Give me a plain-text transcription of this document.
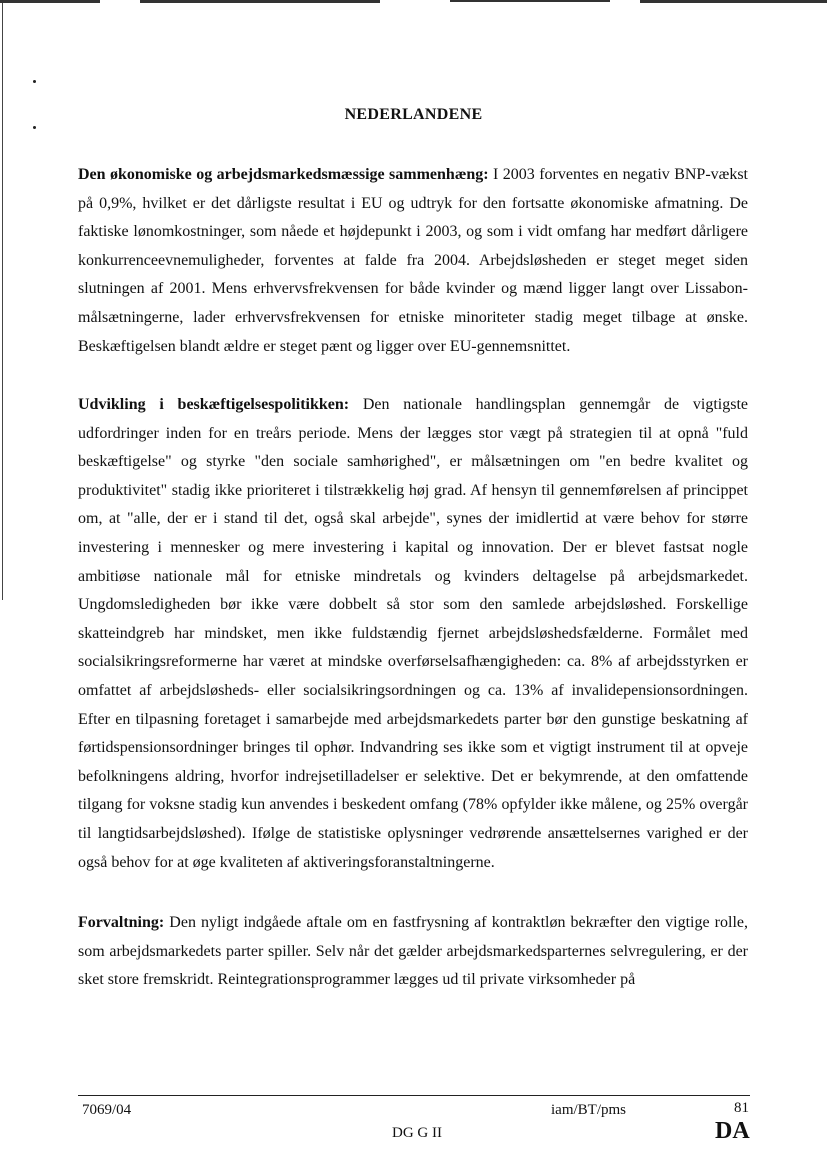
NEDERLANDENE
Den økonomiske og arbejdsmarkedsmæssige sammenhæng: I 2003 forventes en negativ BNP-vækst på 0,9%, hvilket er det dårligste resultat i EU og udtryk for den fortsatte økonomiske afmatning. De faktiske lønomkostninger, som nåede et højdepunkt i 2003, og som i vidt omfang har medført dårligere konkurrenceevnemuligheder, forventes at falde fra 2004. Arbejdsløsheden er steget meget siden slutningen af 2001. Mens erhvervsfrekvensen for både kvinder og mænd ligger langt over Lissabon-målsætningerne, lader erhvervsfrekvensen for etniske minoriteter stadig meget tilbage at ønske. Beskæftigelsen blandt ældre er steget pænt og ligger over EU-gennemsnittet.
Udvikling i beskæftigelsespolitikken: Den nationale handlingsplan gennemgår de vigtigste udfordringer inden for en treårs periode. Mens der lægges stor vægt på strategien til at opnå "fuld beskæftigelse" og styrke "den sociale samhørighed", er målsætningen om "en bedre kvalitet og produktivitet" stadig ikke prioriteret i tilstrækkelig høj grad. Af hensyn til gennemførelsen af princippet om, at "alle, der er i stand til det, også skal arbejde", synes der imidlertid at være behov for større investering i mennesker og mere investering i kapital og innovation. Der er blevet fastsat nogle ambitiøse nationale mål for etniske mindretals og kvinders deltagelse på arbejdsmarkedet. Ungdomsledigheden bør ikke være dobbelt så stor som den samlede arbejdsløshed. Forskellige skatteindgreb har mindsket, men ikke fuldstændig fjernet arbejdsløshedsfælderne. Formålet med socialsikringsreformerne har været at mindske overførselsafhængigheden: ca. 8% af arbejdsstyrken er omfattet af arbejdsløsheds- eller socialsikringsordningen og ca. 13% af invalidepensionsordningen. Efter en tilpasning foretaget i samarbejde med arbejdsmarkedets parter bør den gunstige beskatning af førtidspensionsordninger bringes til ophør. Indvandring ses ikke som et vigtigt instrument til at opveje befolkningens aldring, hvorfor indrejsetilladelser er selektive. Det er bekymrende, at den omfattende tilgang for voksne stadig kun anvendes i beskedent omfang (78% opfylder ikke målene, og 25% overgår til langtidsarbejdsløshed). Ifølge de statistiske oplysninger vedrørende ansættelsernes varighed er der også behov for at øge kvaliteten af aktiveringsforanstaltningerne.
Forvaltning: Den nyligt indgåede aftale om en fastfrysning af kontraktløn bekræfter den vigtige rolle, som arbejdsmarkedets parter spiller. Selv når det gælder arbejdsmarkedsparternes selvregulering, er der sket store fremskridt. Reintegrationsprogrammer lægges ud til private virksomheder på
7069/04	iam/BT/pms	81
DG G II	DA
